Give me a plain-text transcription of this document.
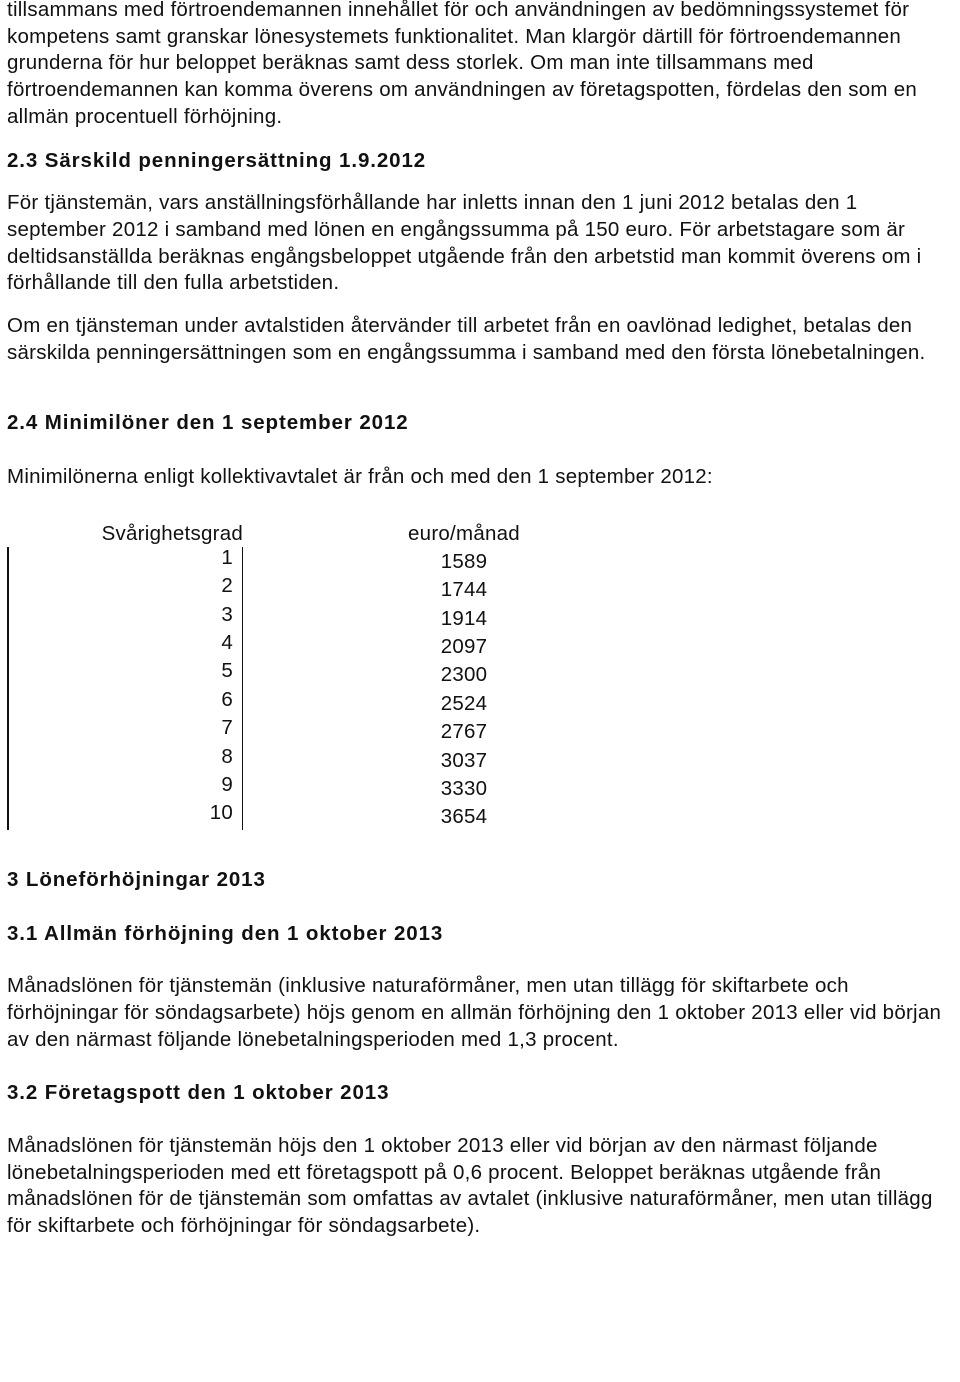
tillsammans med förtroendemannen innehållet för och användningen av bedömningssystemet för kompetens samt granskar lönesystemets funktionalitet. Man klargör därtill för förtroendemannen grunderna för hur beloppet beräknas samt dess storlek. Om man inte tillsammans med förtroendemannen kan komma överens om användningen av företagspotten, fördelas den som en allmän procentuell förhöjning.

2.3 Särskild penningersättning 1.9.2012

För tjänstemän, vars anställningsförhållande har inletts innan den 1 juni 2012 betalas den 1 september 2012 i samband med lönen en engångssumma på 150 euro. För arbetstagare som är deltidsanställda beräknas engångsbeloppet utgående från den arbetstid man kommit överens om i förhållande till den fulla arbetstiden.

Om en tjänsteman under avtalstiden återvänder till arbetet från en oavlönad ledighet, betalas den särskilda penningersättningen som en engångssumma i samband med den första lönebetalningen.

2.4 Minimilöner den 1 september 2012

Minimilönerna enligt kollektivavtalet är från och med den 1 september 2012:

Svårighetsgrad	euro/månad
1	1589
2	1744
3	1914
4	2097
5	2300
6	2524
7	2767
8	3037
9	3330
10	3654
3 Löneförhöjningar 2013
3.1 Allmän förhöjning den 1 oktober 2013

Månadslönen för tjänstemän (inklusive naturaförmåner, men utan tillägg för skiftarbete och förhöjningar för söndagsarbete) höjs genom en allmän förhöjning den 1 oktober 2013 eller vid början av den närmast följande lönebetalningsperioden med 1,3 procent.

3.2 Företagspott den 1 oktober 2013

Månadslönen för tjänstemän höjs den 1 oktober 2013 eller vid början av den närmast följande lönebetalningsperioden med ett företagspott på 0,6 procent. Beloppet beräknas utgående från månadslönen för de tjänstemän som omfattas av avtalet (inklusive naturaförmåner, men utan tillägg för skiftarbete och förhöjningar för söndagsarbete).
